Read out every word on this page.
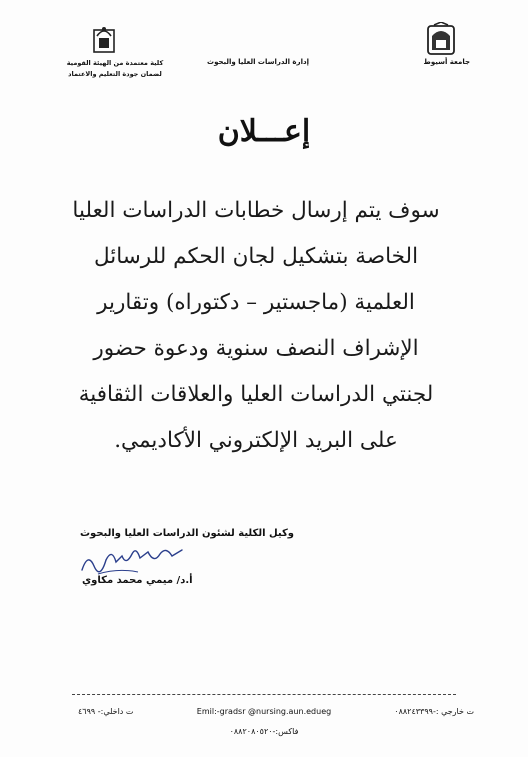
جامعة أسيوط
إدارة الدراسات العليا والبحوث
كلية معتمدة من الهيئة القومية
لضمان جودة التعليم والاعتماد
إعـــلان
سوف يتم إرسال خطابات الدراسات العليا
الخاصة بتشكيل لجان الحكم للرسائل
العلمية (ماجستير – دكتوراه) وتقارير
الإشراف النصف سنوية ودعوة حضور
لجنتي الدراسات العليا والعلاقات الثقافية
على البريد الإلكتروني الأكاديمي.
وكيل الكلية لشئون الدراسات العليا والبحوث
أ.د/ ميمي محمد مكاوي
ت خارجي :-٠٨٨٢٤٣٣٩٩
Emil:-gradsr @nursing.aun.edueg
ت داخلي:- ٤٦٩٩
فاكس:-٠٨٨٢٠٨٠٥٢٠
